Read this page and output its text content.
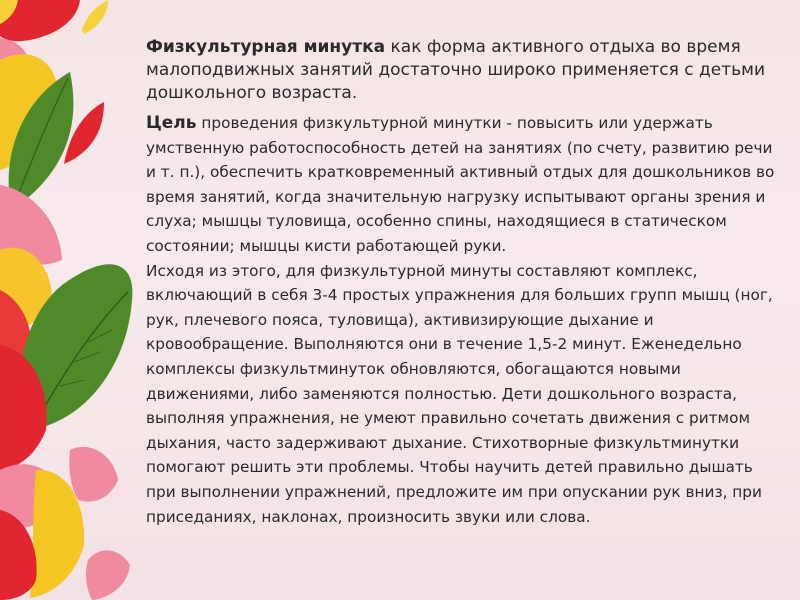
Физкультурная минутка как форма активного отдыха во время малоподвижных занятий достаточно широко применяется с детьми дошкольного возраста.

Цель проведения физкультурной минутки - повысить или удержать умственную работоспособность детей на занятиях (по счету, развитию речи и т. п.), обеспечить кратковременный активный отдых для дошкольников во время занятий, когда значительную нагрузку испытывают органы зрения и слуха; мышцы туловища, особенно спины, находящиеся в статическом состоянии; мышцы кисти работающей руки.

Исходя из этого, для физкультурной минуты составляют комплекс, включающий в себя 3-4 простых упражнения для больших групп мышц (ног, рук, плечевого пояса, туловища), активизирующие дыхание и кровообращение. Выполняются они в течение 1,5-2 минут. Еженедельно комплексы физкультминуток обновляются, обогащаются новыми движениями, либо заменяются полностью. Дети дошкольного возраста, выполняя упражнения, не умеют правильно сочетать движения с ритмом дыхания, часто задерживают дыхание. Стихотворные физкультминутки помогают решить эти проблемы. Чтобы научить детей правильно дышать при выполнении упражнений, предложите им при опускании рук вниз, при приседаниях, наклонах, произносить звуки или слова.
